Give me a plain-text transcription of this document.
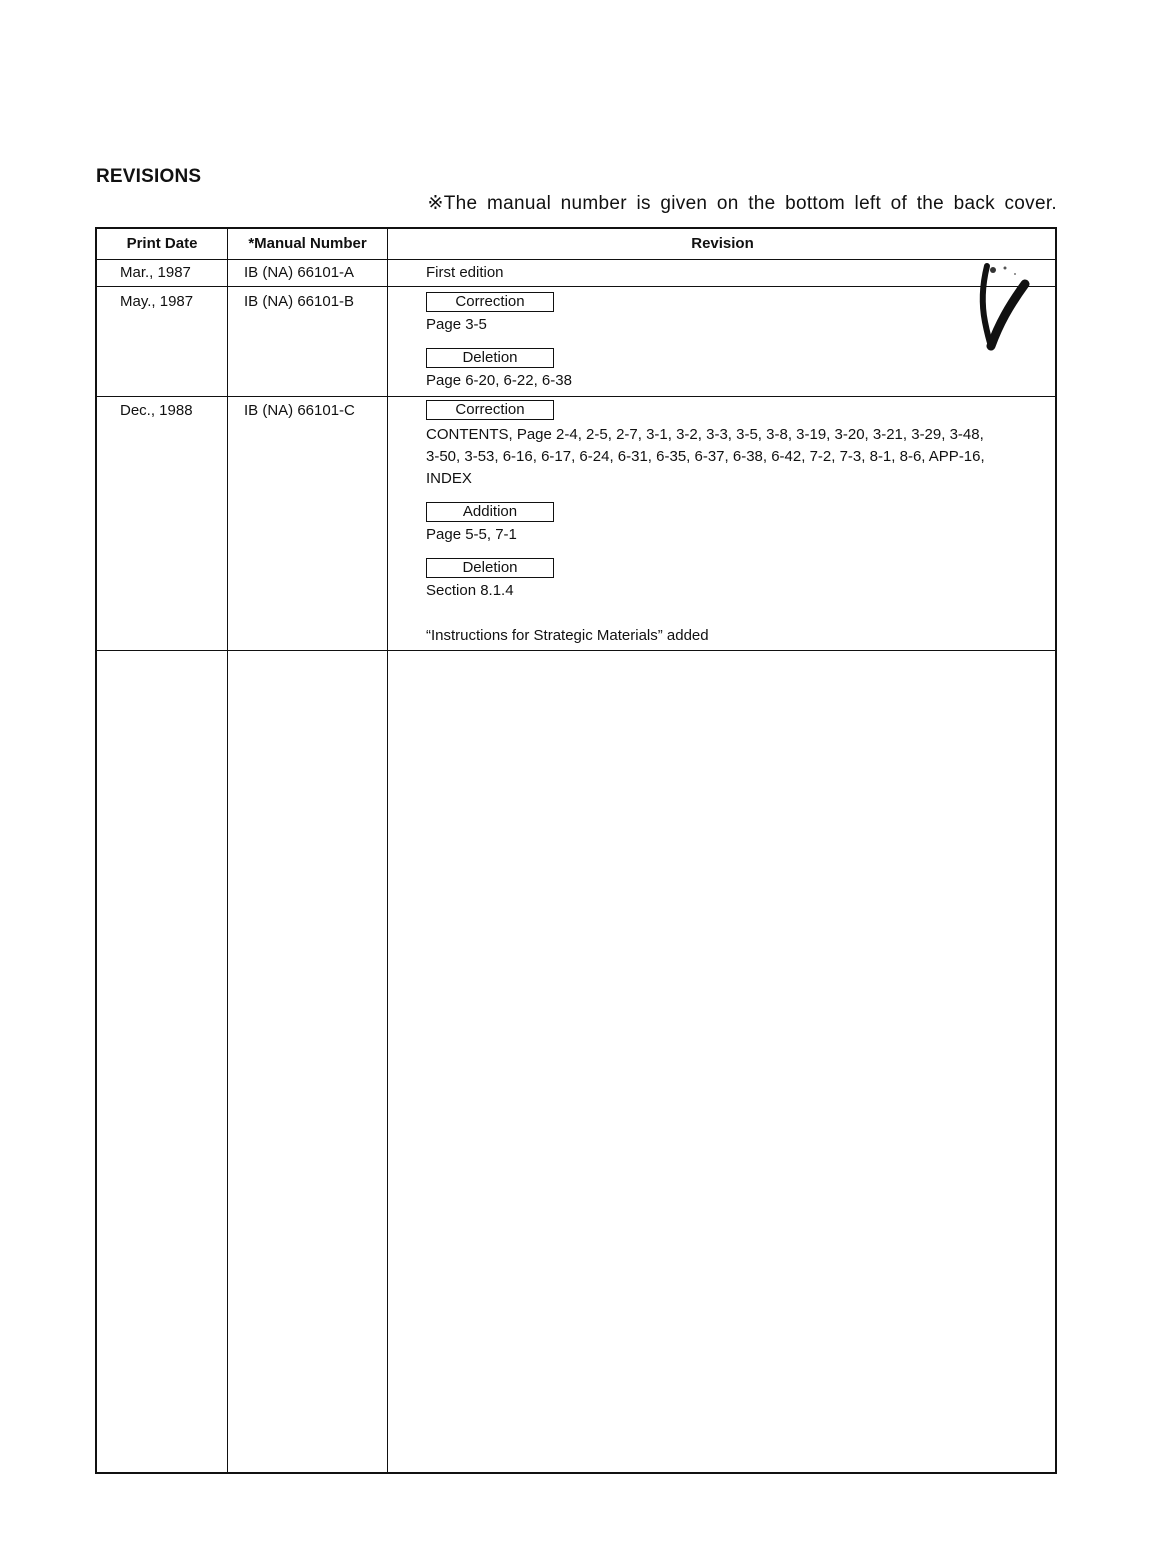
REVISIONS
※The manual number is given on the bottom left of the back cover.
Print Date	*Manual Number	Revision
Mar., 1987	IB (NA) 66101-A	First edition
May., 1987	IB (NA) 66101-B	Correction
Page 3-5
Deletion
Page 6-20, 6-22, 6-38
Dec., 1988	IB (NA) 66101-C	Correction
CONTENTS, Page 2-4, 2-5, 2-7, 3-1, 3-2, 3-3, 3-5, 3-8, 3-19, 3-20, 3-21, 3-29, 3-48,
3-50, 3-53, 6-16, 6-17, 6-24, 6-31, 6-35, 6-37, 6-38, 6-42, 7-2, 7-3, 8-1, 8-6, APP-16,
INDEX
Addition
Page 5-5, 7-1
Deletion
Section 8.1.4
“Instructions for Strategic Materials” added
